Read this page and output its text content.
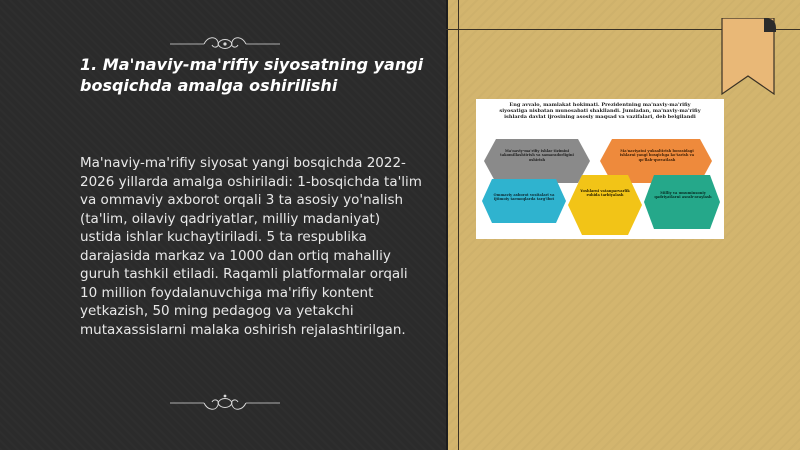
1. Ma'naviy-ma'rifiy siyosatning yangi bosqichda amalga oshirilishi

Ma'naviy-ma'rifiy siyosat yangi bosqichda 2022-2026 yillarda amalga oshiriladi: 1-bosqichda ta'lim va ommaviy axborot orqali 3 ta asosiy yo'nalish (ta'lim, oilaviy qadriyatlar, milliy madaniyat) ustida ishlar kuchaytiriladi. 5 ta respublika darajasida markaz va 1000 dan ortiq mahalliy guruh tashkil etiladi. Raqamli platformalar orqali 10 million foydalanuvchiga ma'rifiy kontent yetkazish, 50 ming pedagog va yetakchi mutaxassislarni malaka oshirish rejalashtirilgan.

Eng avvalo, mamlakat hokimati. Prezidentning ma'naviy-ma'rifiy siyosatiga nisbatan munosabati shakllandi. Jumladan, ma'naviy-ma'rifiy ishlarda davlat ijrosining asosiy maqsad va vazifalari, deb belgilandi

Ma'naviy-ma'rifiy ishlar tizimini takomillashtirish va samaradorligini oshirish

Ma'naviyatni yuksaltirish borasidagi ishlarni yangi bosqichga ko'tarish va qo'llab-quvvatlash

Ommaviy axborot vositalari va ijtimoiy tarmoqlarda targ'ibot

Yoshlarni vatanparvarlik ruhida tarbiyalash

Milliy va umuminsoniy qadriyatlarni asrab-avaylash
